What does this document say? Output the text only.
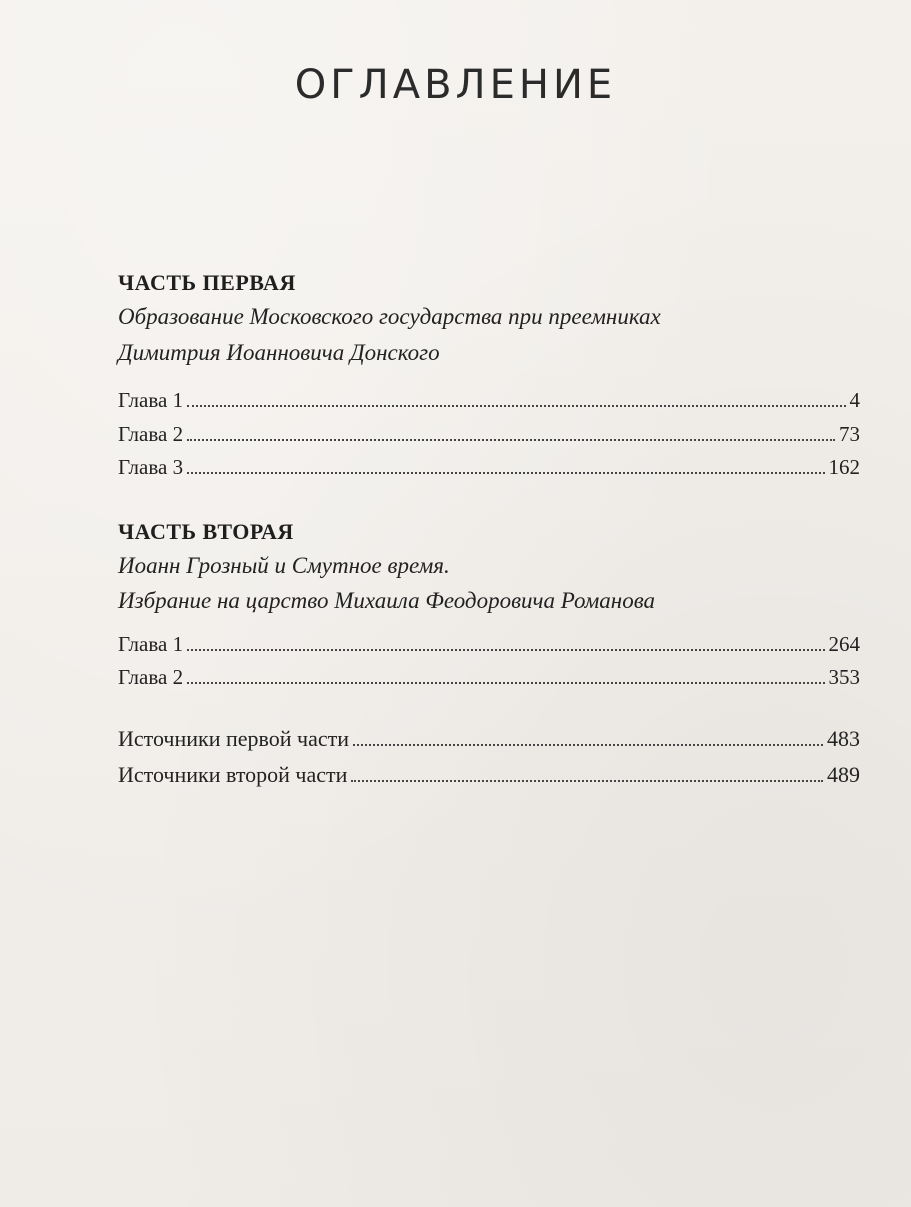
ОГЛАВЛЕНИЕ
ЧАСТЬ ПЕРВАЯ
Образование Московского государства при преемниках
Димитрия Иоанновича Донского
Глава 1	4
Глава 2	73
Глава 3	162
ЧАСТЬ ВТОРАЯ
Иоанн Грозный и Смутное время.
Избрание на царство Михаила Феодоровича Романова
Глава 1	264
Глава 2	353
Источники первой части	483
Источники второй части	489
